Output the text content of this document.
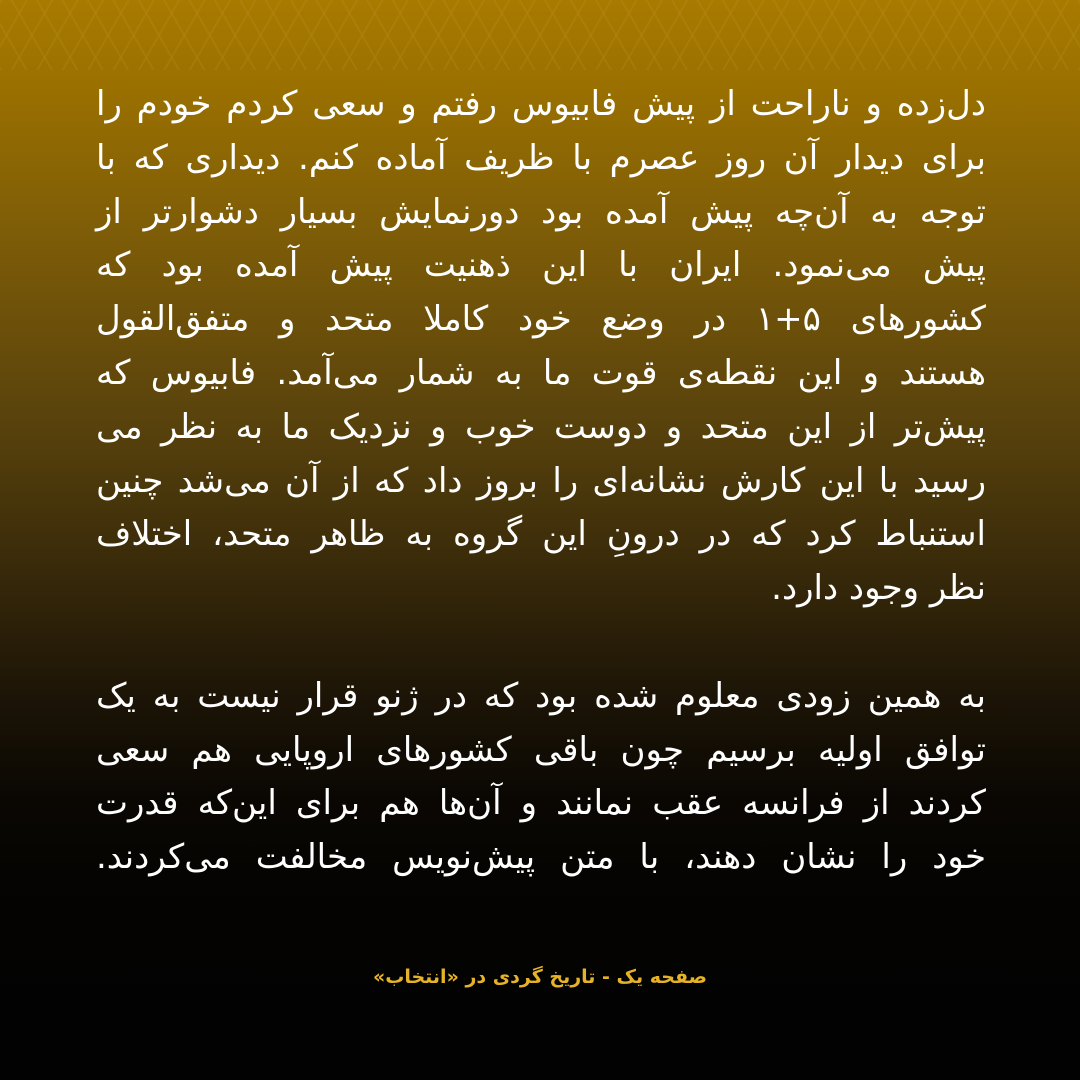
دل‌زده و ناراحت از پیش فابیوس رفتم و سعی کردم خودم را
برای دیدار آن روز عصرم با ظریف آماده کنم. دیداری که با
توجه به آن‌چه پیش آمده بود دورنمایش بسیار دشوارتر از
پیش می‌نمود. ایران با این ذهنیت پیش آمده بود که
کشورهای ۵+۱ در وضع خود کاملا متحد و متفق‌القول
هستند و این نقطه‌ی قوت ما به شمار می‌آمد. فابیوس که
پیش‌تر از این متحد و دوست خوب و نزدیک ما به نظر می
رسید با این کارش نشانه‌ای را بروز داد که از آن می‌شد چنین
استنباط کرد که در درونِ این گروه به ظاهر متحد، اختلاف
نظر وجود دارد.

به همین زودی معلوم شده بود که در ژنو قرار نیست به یک
توافق اولیه برسیم چون باقی کشورهای اروپایی هم سعی
کردند از فرانسه عقب نمانند و آن‌ها هم برای این‌که قدرت
خود را نشان دهند، با متن پیش‌نویس مخالفت می‌کردند.

صفحه یک - تاریخ گردی در «انتخاب»
